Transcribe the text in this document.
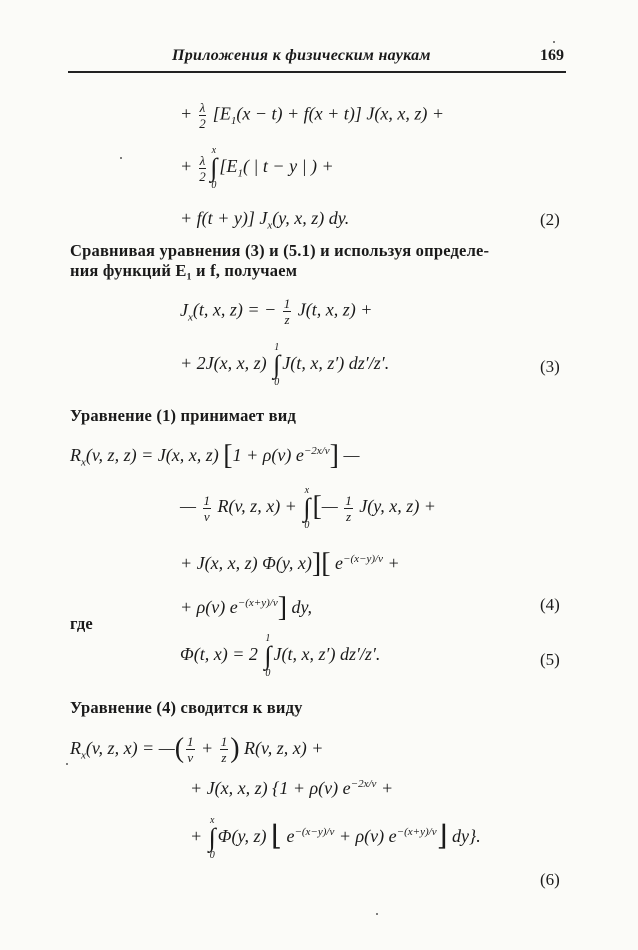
Приложения к физическим наукам	169
+ $\frac{\lambda}{2} [E_1(x - t) + f(x + t)]$ J(x, x, z) +
+ $\frac{\lambda}{2}$
x
∫
0
[$E_1$( | t − y | ) +
+ f(t + y)] $J_x(y$, x, z) dy.	(2)
Сравнивая уравнения (3) и (5.1) и используя определе-
ния функций E₁ и f, получаем
$J_x(t$, x, z) = − $\frac{1}{z} J(t$, x, z) +
+ 2J(x, x, z)
1
∫
0
J(t, x, z′) dz′/z′.	(3)
Уравнение (1) принимает вид
$R_x(v$, z, z) = J(x, x, z) [1 + ρ(v) $e^{-2x/v}$] —
— $\frac{1}{v} R(v$, z, x) +
x
∫
0
[— $\frac{1}{z} J(y$, x, z) +
+ J(x, x, z) Φ(y, x)][ $e^{-(x-y)/v}$ +
+ ρ(v) $e^{-(x+y)/v}$] dy,	(4)
где
Φ(t, x) = 2
1
∫
0
J(t, x, z′) dz′/z′.	(5)
Уравнение (4) сводится к виду
$R_x(v$, z, x) = —( $\frac{1}{v} + \frac{1}{z}$ ) R(v, z, x) +
+ J(x, x, z) {1 + ρ(v) $e^{-2x/v}$ +
+
x
∫
0
Φ(y, z) ⌊ $e^{-(x-y)/v} + \rho(v)$ $e^{-(x+y)/v}⌋$ dy}.
(6)
